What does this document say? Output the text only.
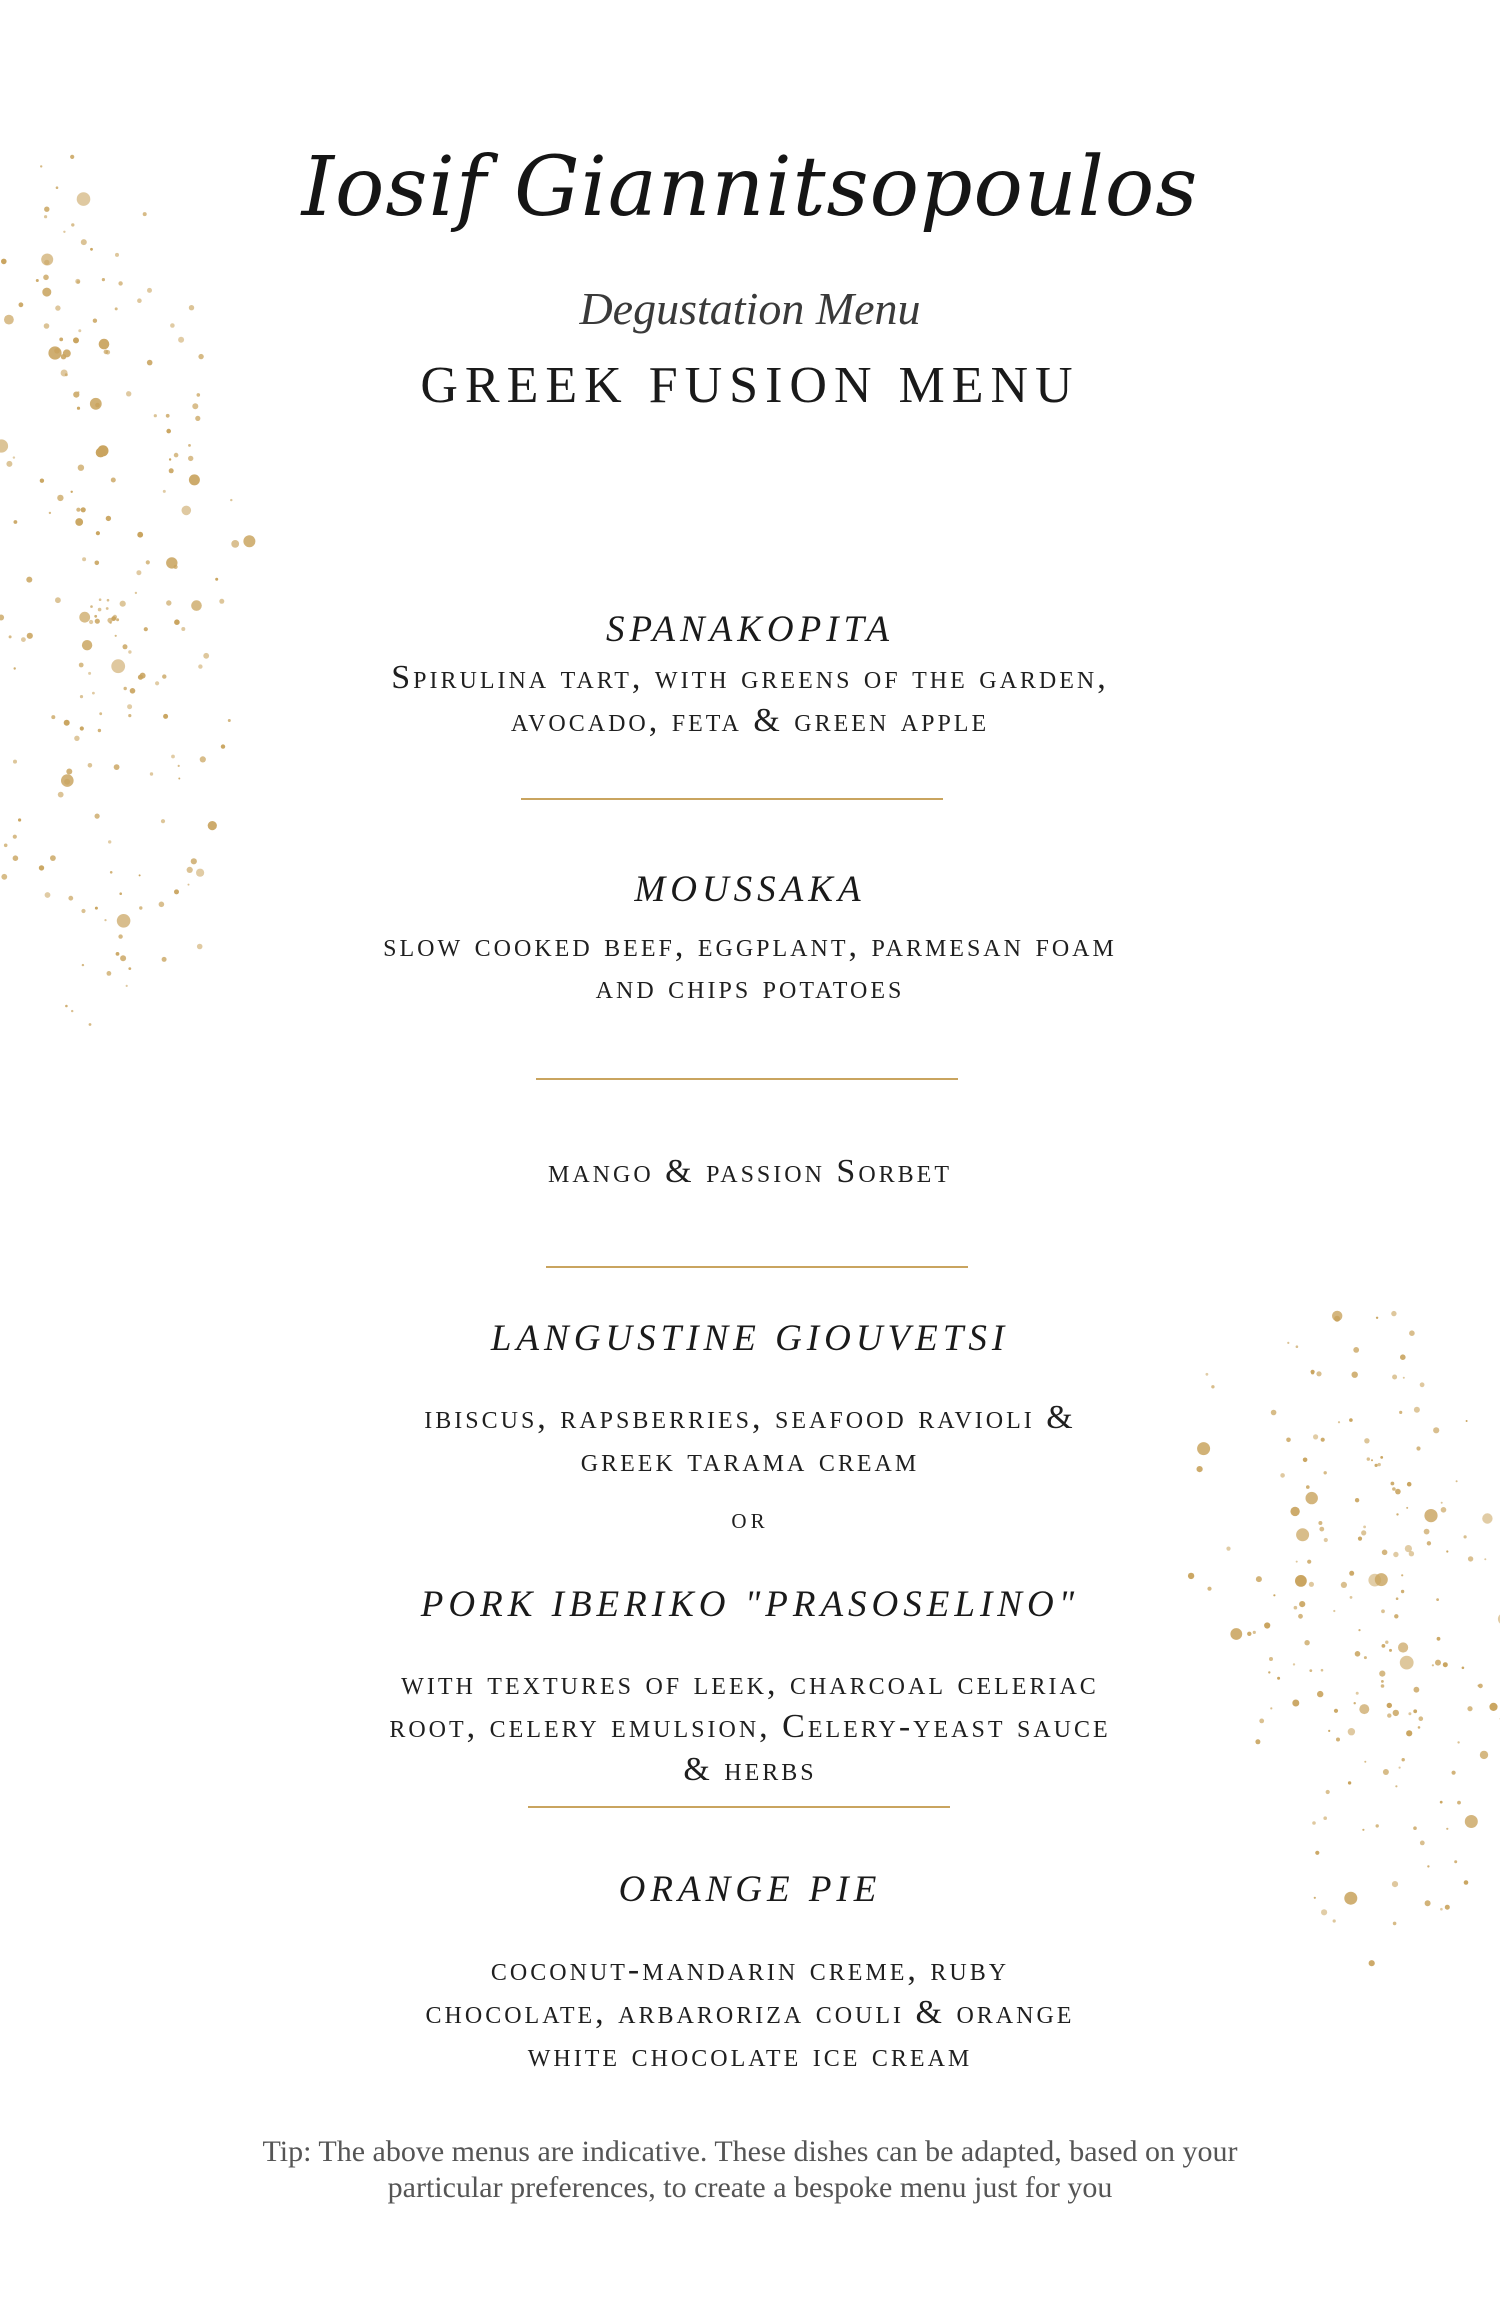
Iosif Giannitsopoulos
Degustation Menu
GREEK FUSION MENU
SPANAKOPITA
Spirulina tart, with greens of the garden,
avocado, feta & green apple
MOUSSAKA
slow cooked beef, eggplant, parmesan foam
and chips potatoes
mango & passion Sorbet
LANGUSTINE GIOUVETSI
ibiscus, rapsberries, seafood ravioli &
greek tarama cream
or
PORK IBERIKO "PRASOSELINO"
with textures of leek, charcoal celeriac
root, celery emulsion, Celery-yeast sauce
& herbs
ORANGE PIE
coconut-mandarin creme, ruby
chocolate, arbaroriza couli & orange
white chocolate ice cream
Tip: The above menus are indicative. These dishes can be adapted, based on your
particular preferences, to create a bespoke menu just for you
